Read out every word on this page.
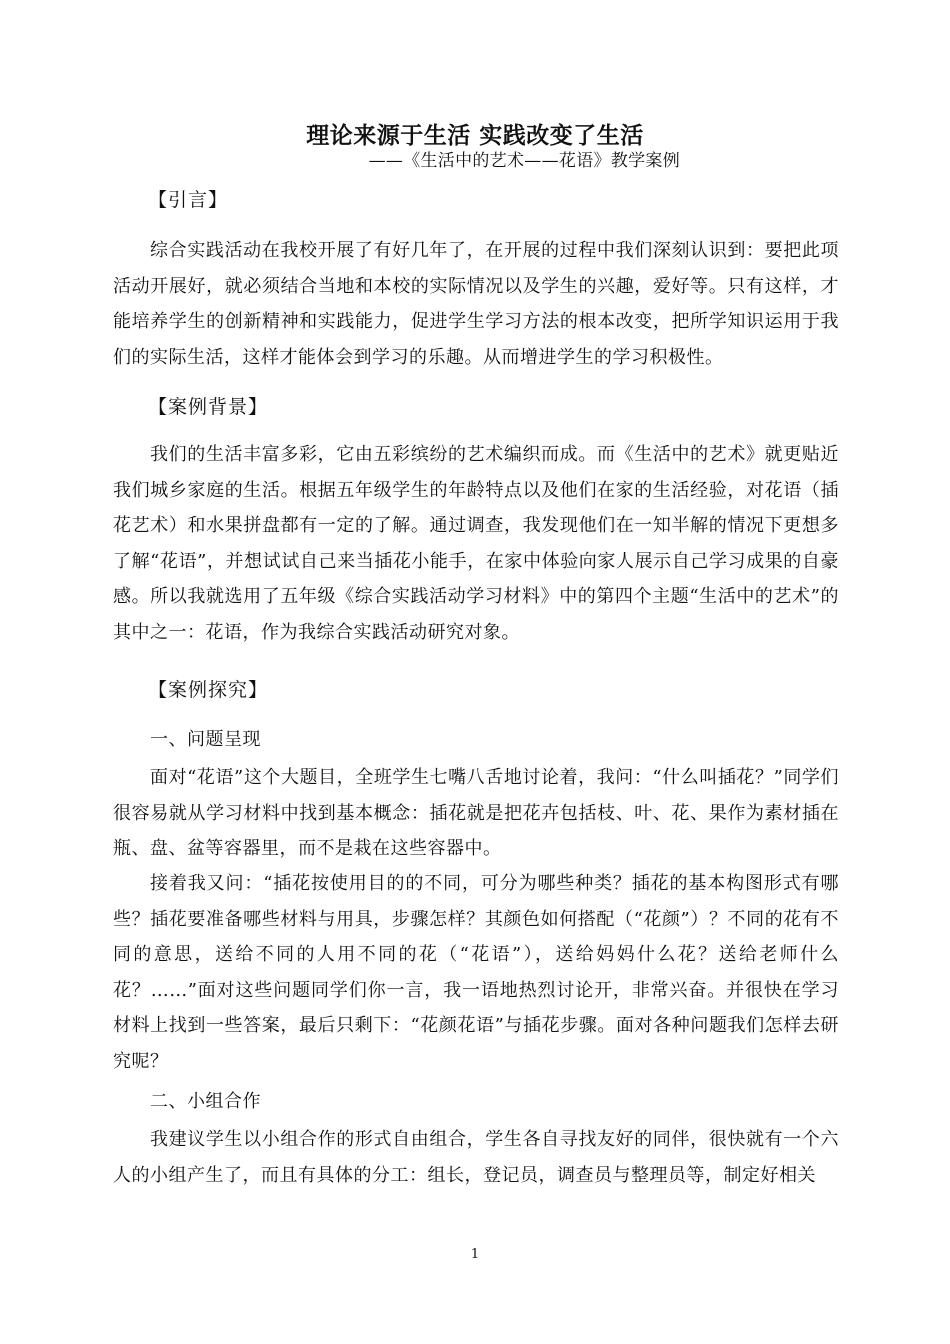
理论来源于生活 实践改变了生活
——《生活中的艺术——花语》教学案例
【引言】
综合实践活动在我校开展了有好几年了，在开展的过程中我们深刻认识到：要把此项活动开展好，就必须结合当地和本校的实际情况以及学生的兴趣，爱好等。只有这样，才能培养学生的创新精神和实践能力，促进学生学习方法的根本改变，把所学知识运用于我们的实际生活，这样才能体会到学习的乐趣。从而增进学生的学习积极性。
【案例背景】
我们的生活丰富多彩，它由五彩缤纷的艺术编织而成。而《生活中的艺术》就更贴近我们城乡家庭的生活。根据五年级学生的年龄特点以及他们在家的生活经验，对花语（插花艺术）和水果拼盘都有一定的了解。通过调查，我发现他们在一知半解的情况下更想多了解“花语”，并想试试自己来当插花小能手，在家中体验向家人展示自己学习成果的自豪感。所以我就选用了五年级《综合实践活动学习材料》中的第四个主题“生活中的艺术”的其中之一：花语，作为我综合实践活动研究对象。
【案例探究】
一、问题呈现
面对“花语”这个大题目，全班学生七嘴八舌地讨论着，我问：“什么叫插花？”同学们很容易就从学习材料中找到基本概念：插花就是把花卉包括枝、叶、花、果作为素材插在瓶、盘、盆等容器里，而不是栽在这些容器中。
接着我又问：“插花按使用目的的不同，可分为哪些种类？插花的基本构图形式有哪些？插花要准备哪些材料与用具，步骤怎样？其颜色如何搭配（“花颜”）？不同的花有不同的意思，送给不同的人用不同的花（“花语”），送给妈妈什么花？送给老师什么花？……”面对这些问题同学们你一言，我一语地热烈讨论开，非常兴奋。并很快在学习材料上找到一些答案，最后只剩下：“花颜花语”与插花步骤。面对各种问题我们怎样去研究呢？
二、小组合作
我建议学生以小组合作的形式自由组合，学生各自寻找友好的同伴，很快就有一个六人的小组产生了，而且有具体的分工：组长，登记员，调查员与整理员等，制定好相关
1
